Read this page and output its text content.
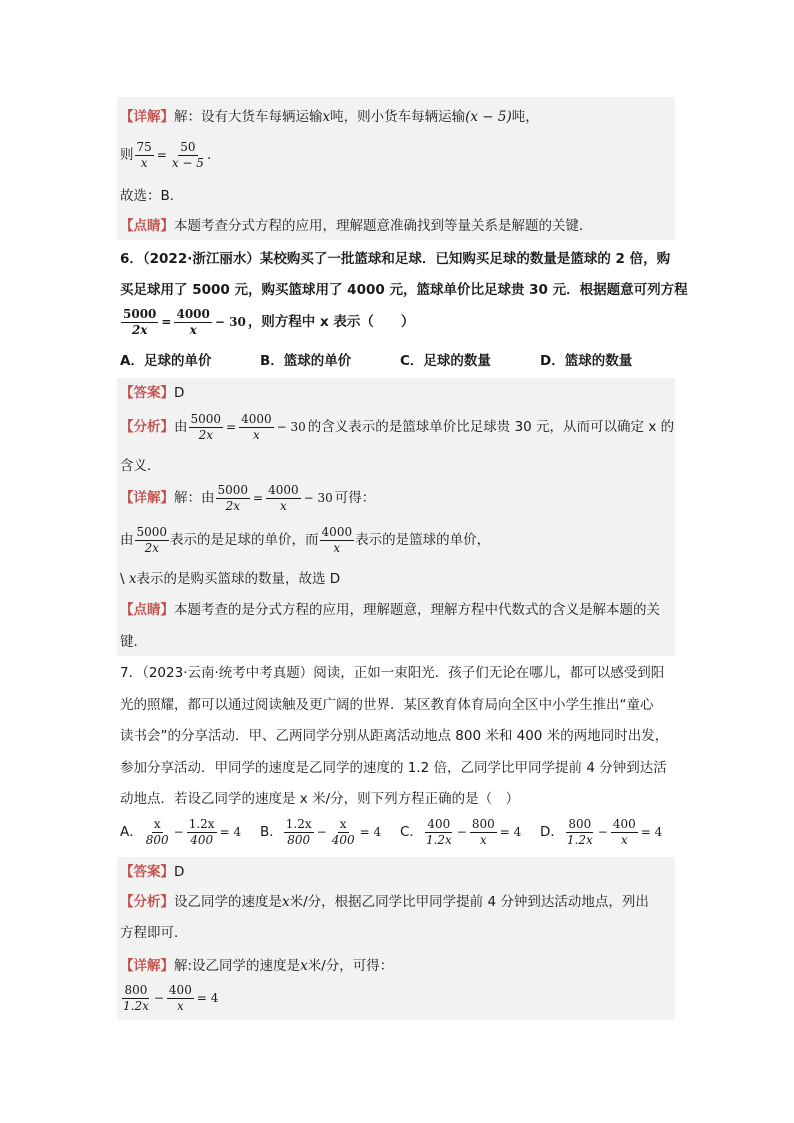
【详解】解：设有大货车每辆运输x吨，则小货车每辆运输(x − 5)吨，
则 $\frac{75}{x} = \frac{50}{x - 5}$ .
故选：B.
【点睛】本题考查分式方程的应用，理解题意准确找到等量关系是解题的关键．
6．（2022·浙江丽水）某校购买了一批篮球和足球．已知购买足球的数量是篮球的 2 倍，购
买足球用了 5000 元，购买篮球用了 4000 元，篮球单价比足球贵 30 元．根据题意可列方程
$\frac{5000}{2x} = \frac{4000}{x} - 30$ ，则方程中 x 表示（　　）
A．足球的单价	B．篮球的单价	C．足球的数量	D．篮球的数量
【答案】D
【分析】由 $\frac{5000}{2x} = \frac{4000}{x} - 30$ 的含义表示的是篮球单价比足球贵 30 元，从而可以确定 x 的
含义．
【详解】解：由 $\frac{5000}{2x} = \frac{4000}{x} - 30$ 可得：
由 $\frac{5000}{2x}$ 表示的是足球的单价，而 $\frac{4000}{x}$ 表示的是篮球的单价，
\ x表示的是购买篮球的数量，故选 D
【点睛】本题考查的是分式方程的应用，理解题意，理解方程中代数式的含义是解本题的关
键．
7．（2023·云南·统考中考真题）阅读，正如一束阳光．孩子们无论在哪儿，都可以感受到阳
光的照耀，都可以通过阅读触及更广阔的世界．某区教育体育局向全区中小学生推出“童心
读书会”的分享活动．甲、乙两同学分别从距离活动地点 800 米和 400 米的两地同时出发，
参加分享活动．甲同学的速度是乙同学的速度的 1.2 倍，乙同学比甲同学提前 4 分钟到达活
动地点．若设乙同学的速度是 x 米/分，则下列方程正确的是（　）
A． $\frac{x}{800} - \frac{1.2x}{400} = 4$ B． $\frac{1.2x}{800} - \frac{x}{400} = 4$ C． $\frac{400}{1.2x} - \frac{800}{x} = 4$ D． $\frac{800}{1.2x} - \frac{400}{x} = 4$
【答案】D
【分析】设乙同学的速度是x米/分，根据乙同学比甲同学提前 4 分钟到达活动地点，列出
方程即可．
【详解】解:设乙同学的速度是x米/分，可得：
$\frac{800}{1.2x} - \frac{400}{x} = 4$
